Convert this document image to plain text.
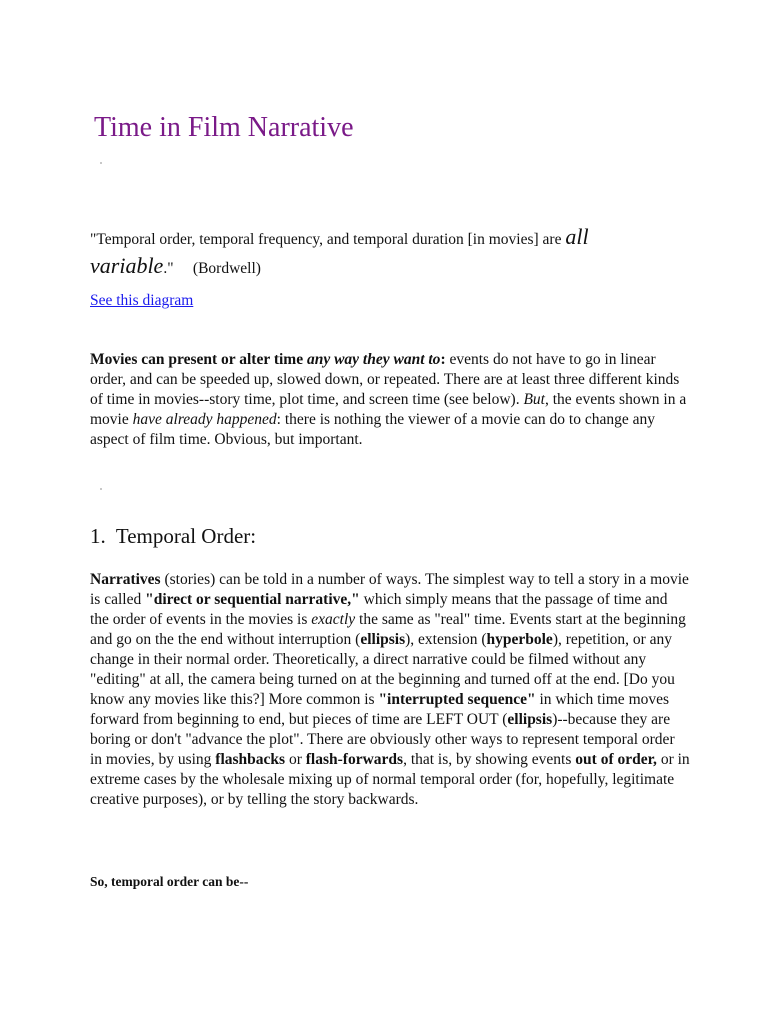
Time in Film Narrative

"Temporal order, temporal frequency, and temporal duration [in movies] are all variable."     (Bordwell)

See this diagram

Movies can present or alter time any way they want to: events do not have to go in linear order, and can be speeded up, slowed down, or repeated. There are at least three different kinds of time in movies--story time, plot time, and screen time (see below). But, the events shown in a movie have already happened: there is nothing the viewer of a movie can do to change any aspect of film time. Obvious, but important.

1.  Temporal Order:

Narratives (stories) can be told in a number of ways. The simplest way to tell a story in a movie is called "direct or sequential narrative," which simply means that the passage of time and the order of events in the movies is exactly the same as "real" time. Events start at the beginning and go on the the end without interruption (ellipsis), extension (hyperbole), repetition, or any change in their normal order. Theoretically, a direct narrative could be filmed without any "editing" at all, the camera being turned on at the beginning and turned off at the end. [Do you know any movies like this?] More common is "interrupted sequence" in which time moves forward from beginning to end, but pieces of time are LEFT OUT (ellipsis)--because they are boring or don't "advance the plot". There are obviously other ways to represent temporal order in movies, by using flashbacks or flash-forwards, that is, by showing events out of order, or in extreme cases by the wholesale mixing up of normal temporal order (for, hopefully, legitimate creative purposes), or by telling the story backwards.

So, temporal order can be--
